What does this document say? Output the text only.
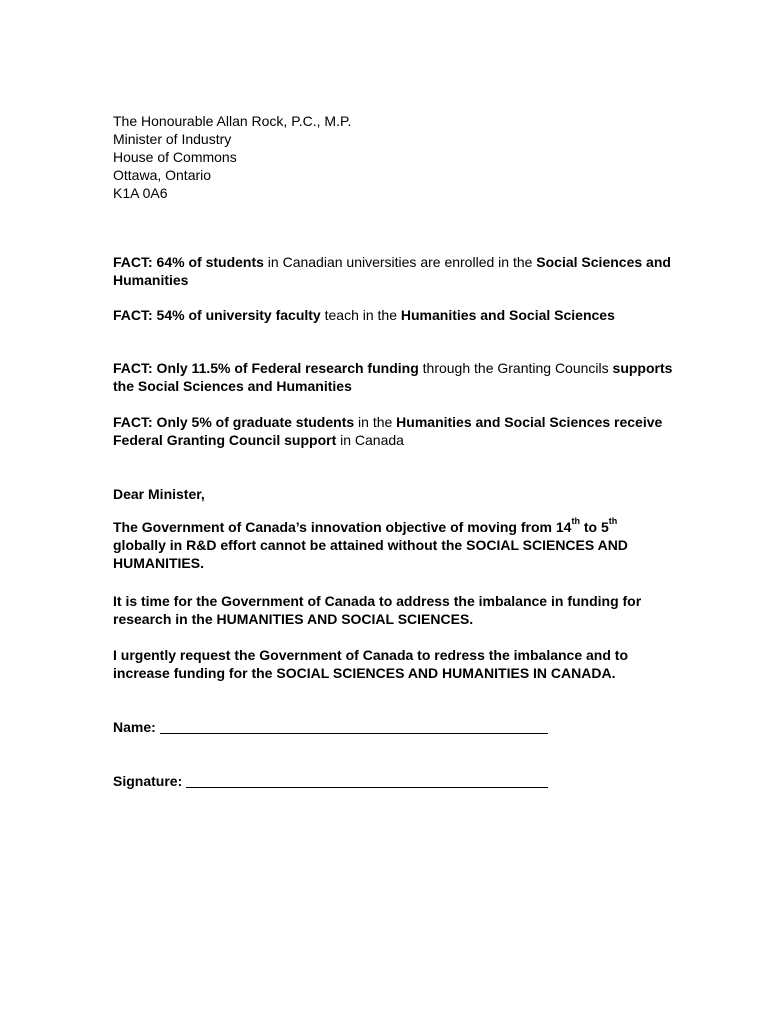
The Honourable Allan Rock, P.C., M.P.
Minister of Industry
House of Commons
Ottawa, Ontario
K1A 0A6
FACT: 64% of students in Canadian universities are enrolled in the Social Sciences and Humanities
FACT: 54% of university faculty teach in the Humanities and Social Sciences
FACT: Only 11.5% of Federal research funding through the Granting Councils supports the Social Sciences and Humanities
FACT: Only 5% of graduate students in the Humanities and Social Sciences receive Federal Granting Council support in Canada
Dear Minister,
The Government of Canada’s innovation objective of moving from 14th to 5th globally in R&D effort cannot be attained without the SOCIAL SCIENCES AND HUMANITIES.
It is time for the Government of Canada to address the imbalance in funding for research in the HUMANITIES AND SOCIAL SCIENCES.
I urgently request the Government of Canada to redress the imbalance and to increase funding for the SOCIAL SCIENCES AND HUMANITIES IN CANADA.
Name:
Signature:
